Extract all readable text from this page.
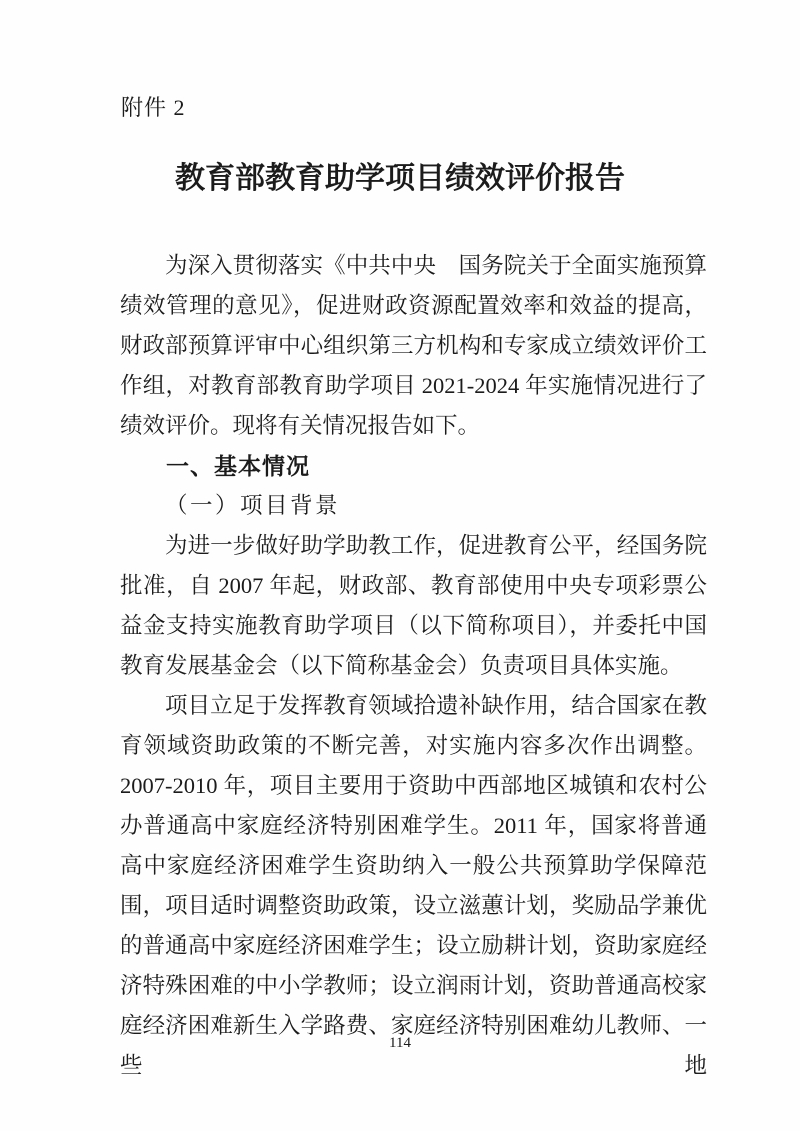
附件 2
教育部教育助学项目绩效评价报告

为深入贯彻落实《中共中央　国务院关于全面实施预算绩效管理的意见》，促进财政资源配置效率和效益的提高，财政部预算评审中心组织第三方机构和专家成立绩效评价工作组，对教育部教育助学项目 2021-2024 年实施情况进行了绩效评价。现将有关情况报告如下。

一、基本情况

（一）项目背景

为进一步做好助学助教工作，促进教育公平，经国务院批准，自 2007 年起，财政部、教育部使用中央专项彩票公益金支持实施教育助学项目（以下简称项目），并委托中国教育发展基金会（以下简称基金会）负责项目具体实施。

项目立足于发挥教育领域拾遗补缺作用，结合国家在教育领域资助政策的不断完善，对实施内容多次作出调整。2007-2010 年，项目主要用于资助中西部地区城镇和农村公办普通高中家庭经济特别困难学生。2011 年，国家将普通高中家庭经济困难学生资助纳入一般公共预算助学保障范围，项目适时调整资助政策，设立滋蕙计划，奖励品学兼优的普通高中家庭经济困难学生；设立励耕计划，资助家庭经济特殊困难的中小学教师；设立润雨计划，资助普通高校家庭经济困难新生入学路费、家庭经济特别困难幼儿教师、一些地

114
